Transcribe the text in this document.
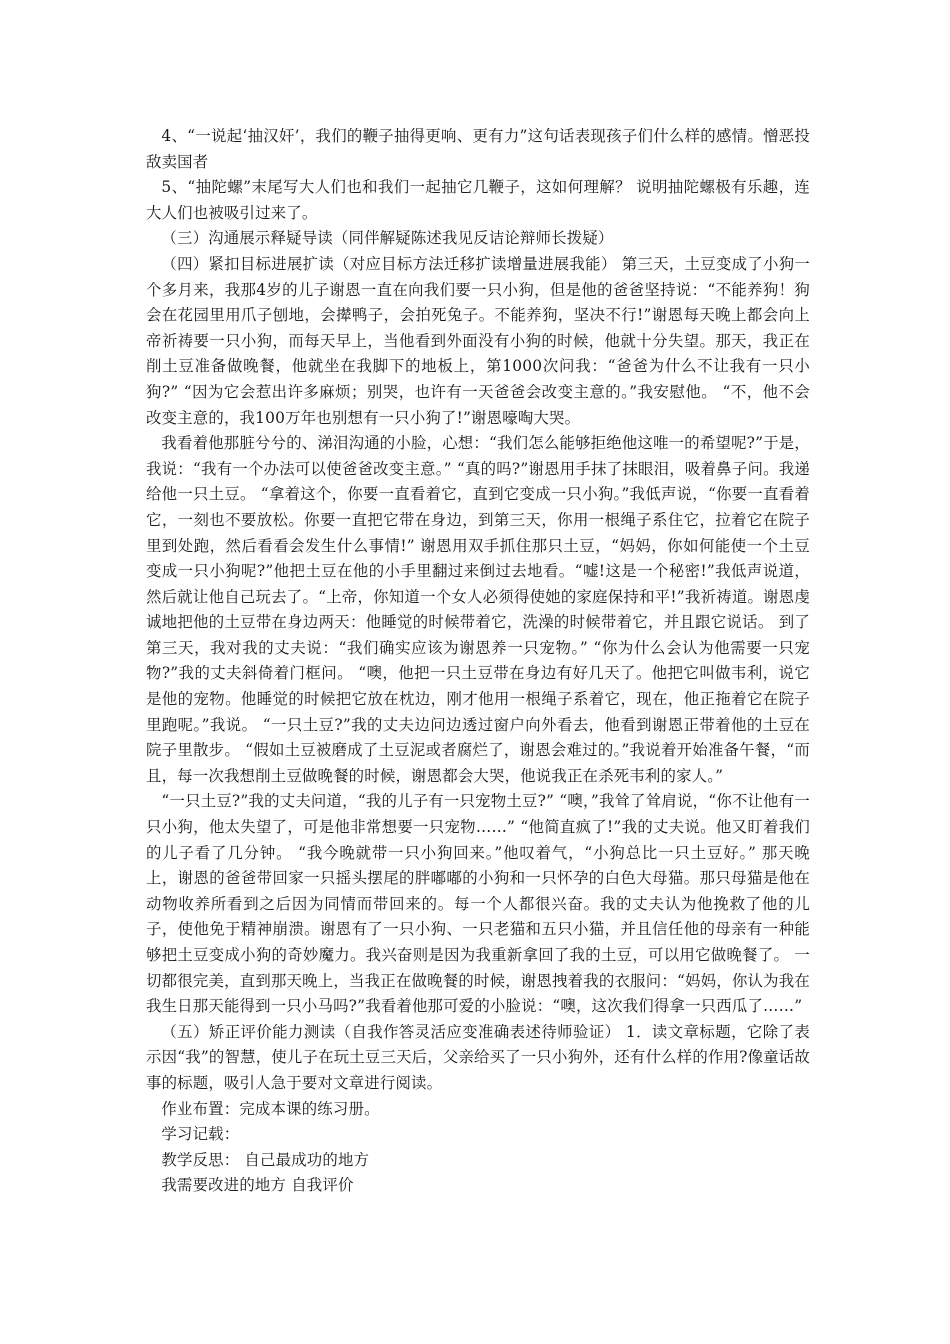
4、“一说起‘抽汉奸’，我们的鞭子抽得更响、更有力”这句话表现孩子们什么样的感情。憎恶投敌卖国者

5、“抽陀螺”末尾写大人们也和我们一起抽它几鞭子，这如何理解？ 说明抽陀螺极有乐趣，连大人们也被吸引过来了。

（三）沟通展示释疑导读（同伴解疑陈述我见反诘论辩师长拨疑）

（四）紧扣目标进展扩读（对应目标方法迁移扩读增量进展我能） 第三天，土豆变成了小狗一个多月来，我那4岁的儿子谢恩一直在向我们要一只小狗，但是他的爸爸坚持说：“不能养狗！狗会在花园里用爪子刨地，会撵鸭子，会拍死兔子。不能养狗，坚决不行!”谢恩每天晚上都会向上帝祈祷要一只小狗，而每天早上，当他看到外面没有小狗的时候，他就十分失望。那天，我正在削土豆准备做晚餐，他就坐在我脚下的地板上，第1000次问我：“爸爸为什么不让我有一只小狗?” “因为它会惹出许多麻烦；别哭，也许有一天爸爸会改变主意的。”我安慰他。 “不，他不会改变主意的，我100万年也别想有一只小狗了!”谢恩嚎啕大哭。

我看着他那脏兮兮的、涕泪沟通的小脸，心想：“我们怎么能够拒绝他这唯一的希望呢?”于是，我说：“我有一个办法可以使爸爸改变主意。” “真的吗?”谢恩用手抹了抹眼泪，吸着鼻子问。我递给他一只土豆。 “拿着这个，你要一直看着它，直到它变成一只小狗。”我低声说，“你要一直看着它，一刻也不要放松。你要一直把它带在身边，到第三天，你用一根绳子系住它，拉着它在院子里到处跑，然后看看会发生什么事情!” 谢恩用双手抓住那只土豆，“妈妈，你如何能使一个土豆变成一只小狗呢?”他把土豆在他的小手里翻过来倒过去地看。“嘘!这是一个秘密!”我低声说道，然后就让他自己玩去了。“上帝，你知道一个女人必须得使她的家庭保持和平!”我祈祷道。谢恩虔诚地把他的土豆带在身边两天：他睡觉的时候带着它，洗澡的时候带着它，并且跟它说话。 到了第三天，我对我的丈夫说：“我们确实应该为谢恩养一只宠物。” “你为什么会认为他需要一只宠物?”我的丈夫斜倚着门框问。 “噢，他把一只土豆带在身边有好几天了。他把它叫做韦利，说它是他的宠物。他睡觉的时候把它放在枕边，刚才他用一根绳子系着它，现在，他正拖着它在院子里跑呢。”我说。 “一只土豆?”我的丈夫边问边透过窗户向外看去，他看到谢恩正带着他的土豆在院子里散步。 “假如土豆被磨成了土豆泥或者腐烂了，谢恩会难过的。”我说着开始准备午餐，“而且，每一次我想削土豆做晚餐的时候，谢恩都会大哭，他说我正在杀死韦利的家人。”

“一只土豆?”我的丈夫问道，“我的儿子有一只宠物土豆?” “噢，”我耸了耸肩说，“你不让他有一只小狗，他太失望了，可是他非常想要一只宠物……” “他简直疯了!”我的丈夫说。他又盯着我们的儿子看了几分钟。 “我今晚就带一只小狗回来。”他叹着气，“小狗总比一只土豆好。” 那天晚上，谢恩的爸爸带回家一只摇头摆尾的胖嘟嘟的小狗和一只怀孕的白色大母猫。那只母猫是他在动物收养所看到之后因为同情而带回来的。每一个人都很兴奋。我的丈夫认为他挽救了他的儿子，使他免于精神崩溃。谢恩有了一只小狗、一只老猫和五只小猫，并且信任他的母亲有一种能够把土豆变成小狗的奇妙魔力。我兴奋则是因为我重新拿回了我的土豆，可以用它做晚餐了。 一切都很完美，直到那天晚上，当我正在做晚餐的时候，谢恩拽着我的衣服问：“妈妈，你认为我在我生日那天能得到一只小马吗?”我看着他那可爱的小脸说：“噢，这次我们得拿一只西瓜了……”

（五）矫正评价能力测读（自我作答灵活应变准确表述待师验证） 1．读文章标题，它除了表示因“我”的智慧，使儿子在玩土豆三天后，父亲给买了一只小狗外，还有什么样的作用?像童话故事的标题，吸引人急于要对文章进行阅读。

作业布置：完成本课的练习册。

学习记载：

教学反思： 自己最成功的地方

我需要改进的地方 自我评价
